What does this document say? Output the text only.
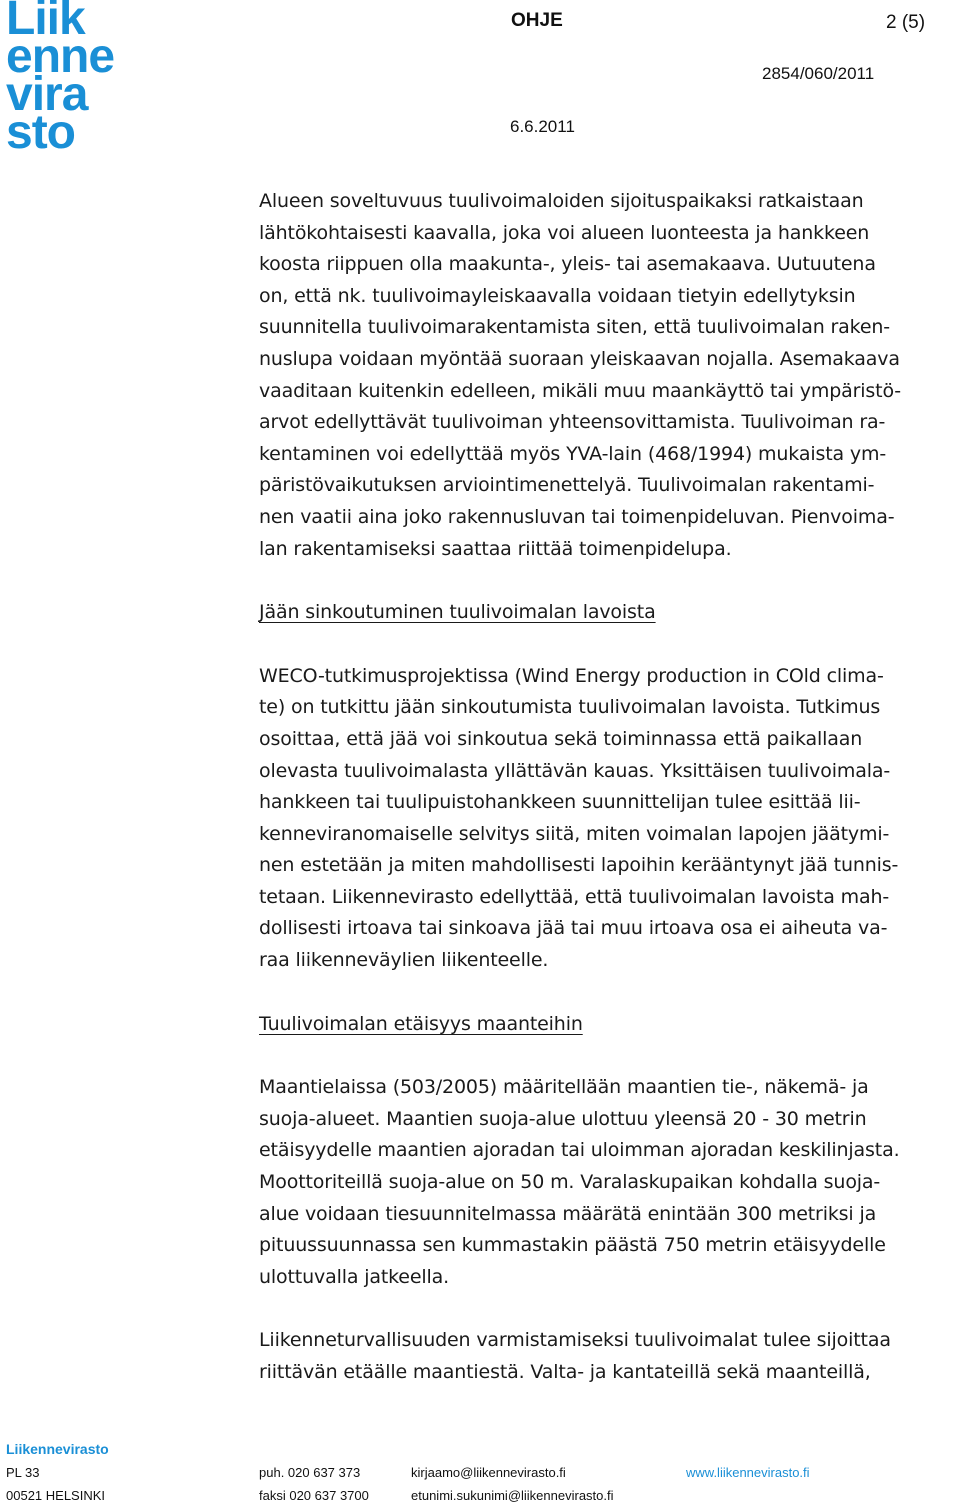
Liik
enne
vira
sto
OHJE	2 (5)
2854/060/2011
6.6.2011

Alueen soveltuvuus tuulivoimaloiden sijoituspaikaksi ratkaistaan
lähtökohtaisesti kaavalla, joka voi alueen luonteesta ja hankkeen
koosta riippuen olla maakunta-, yleis- tai asemakaava. Uutuutena
on, että nk. tuulivoimayleiskaavalla voidaan tietyin edellytyksin
suunnitella tuulivoimarakentamista siten, että tuulivoimalan raken-
nuslupa voidaan myöntää suoraan yleiskaavan nojalla. Asemakaava
vaaditaan kuitenkin edelleen, mikäli muu maankäyttö tai ympäristö-
arvot edellyttävät tuulivoiman yhteensovittamista. Tuulivoiman ra-
kentaminen voi edellyttää myös YVA-lain (468/1994) mukaista ym-
päristövaikutuksen arviointimenettelyä. Tuulivoimalan rakentami-
nen vaatii aina joko rakennusluvan tai toimenpideluvan. Pienvoima-
lan rakentamiseksi saattaa riittää toimenpidelupa.

Jään sinkoutuminen tuulivoimalan lavoista

WECO-tutkimusprojektissa (Wind Energy production in COld clima-
te) on tutkittu jään sinkoutumista tuulivoimalan lavoista. Tutkimus
osoittaa, että jää voi sinkoutua sekä toiminnassa että paikallaan
olevasta tuulivoimalasta yllättävän kauas. Yksittäisen tuulivoimala-
hankkeen tai tuulipuistohankkeen suunnittelijan tulee esittää lii-
kenneviranomaiselle selvitys siitä, miten voimalan lapojen jäätymi-
nen estetään ja miten mahdollisesti lapoihin kerääntynyt jää tunnis-
tetaan. Liikennevirasto edellyttää, että tuulivoimalan lavoista mah-
dollisesti irtoava tai sinkoava jää tai muu irtoava osa ei aiheuta va-
raa liikenneväylien liikenteelle.

Tuulivoimalan etäisyys maanteihin

Maantielaissa (503/2005) määritellään maantien tie-, näkemä- ja
suoja-alueet. Maantien suoja-alue ulottuu yleensä 20 - 30 metrin
etäisyydelle maantien ajoradan tai uloimman ajoradan keskilinjasta.
Moottoriteillä suoja-alue on 50 m. Varalaskupaikan kohdalla suoja-
alue voidaan tiesuunnitelmassa määrätä enintään 300 metriksi ja
pituussuunnassa sen kummastakin päästä 750 metrin etäisyydelle
ulottuvalla jatkeella.

Liikenneturvallisuuden varmistamiseksi tuulivoimalat tulee sijoittaa
riittävän etäälle maantiestä. Valta- ja kantateillä sekä maanteillä,

Liikennevirasto
PL 33
00521 HELSINKI
puh. 020 637 373
faksi 020 637 3700
kirjaamo@liikennevirasto.fi
etunimi.sukunimi@liikennevirasto.fi
www.liikennevirasto.fi
